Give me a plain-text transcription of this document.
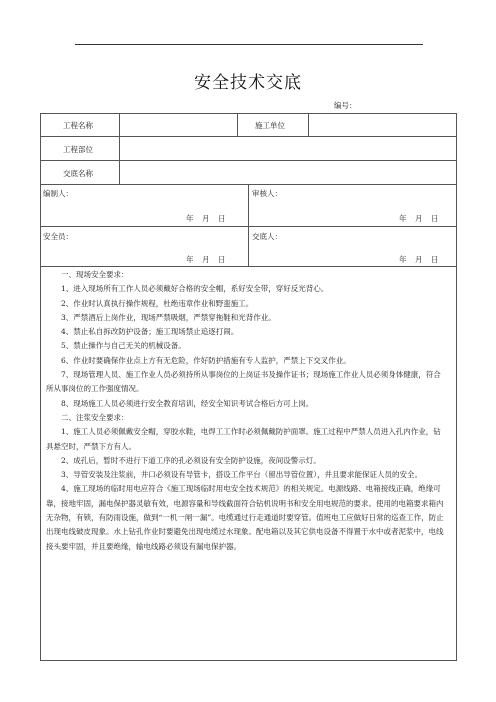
安全技术交底
编号：
工程名称	施工单位
工程部位
交底名称
编制人：
年　月　日
审核人：
年　月　日
安全员：
年　月　日
交底人：
年　月　日

一、现场安全要求：

1、进入现场所有工作人员必须戴好合格的安全帽，系好安全带，穿好反光背心。

2、作业时认真执行操作规程，杜绝违章作业和野蛮施工。

3、严禁酒后上岗作业，现场严禁吸烟，严禁穿拖鞋和光背作业。

4、禁止私自拆改防护设备；施工现场禁止追逐打闹。

5、禁止操作与自己无关的机械设备。

6、作业时要确保作业点上方有无危险，作好防护措施有专人监护，严禁上下交叉作业。

7、现场管理人员、施工作业人员必须持所从事岗位的上岗证书及操作证书；现场施工作业人员必须身体健康，符合所从事岗位的工作强度情况。

8、现场施工人员必须进行安全教育培训，经安全知识考试合格后方可上岗。

二、注浆安全要求：

1、施工人员必须佩戴安全帽，穿胶水鞋，电焊工工作时必须佩戴防护面罩。施工过程中严禁人员进入孔内作业，钻具悬空时，严禁下方有人。

2、成孔后，暂时不进行下道工序的孔必须设有安全防护设施，夜间设警示灯。

3、导管安装及注浆前，井口必须设有导管卡，搭设工作平台（留出导管位置），并且要求能保证人员的安全。

4、施工现场的临时用电应符合《施工现场临时用电安全技术规范》的相关规定。电源线路、电箱接线正确，绝缘可靠，接地牢固，漏电保护器灵敏有效，电源容量和导线截面符合钻机说明书和安全用电规范的要求。使用的电箱要求箱内无杂物，有锁，有防雨设施，做到“一机一闸一漏”。电缆通过行走通道时要穿管。值班电工应做好日常的巡查工作，防止出现电线破皮现象。水上钻孔作业时要避免出现电缆过水现象。配电箱以及其它供电设备不得置于水中或者泥浆中，电线接头要牢固，并且要绝缘，输电线路必须设有漏电保护器。
